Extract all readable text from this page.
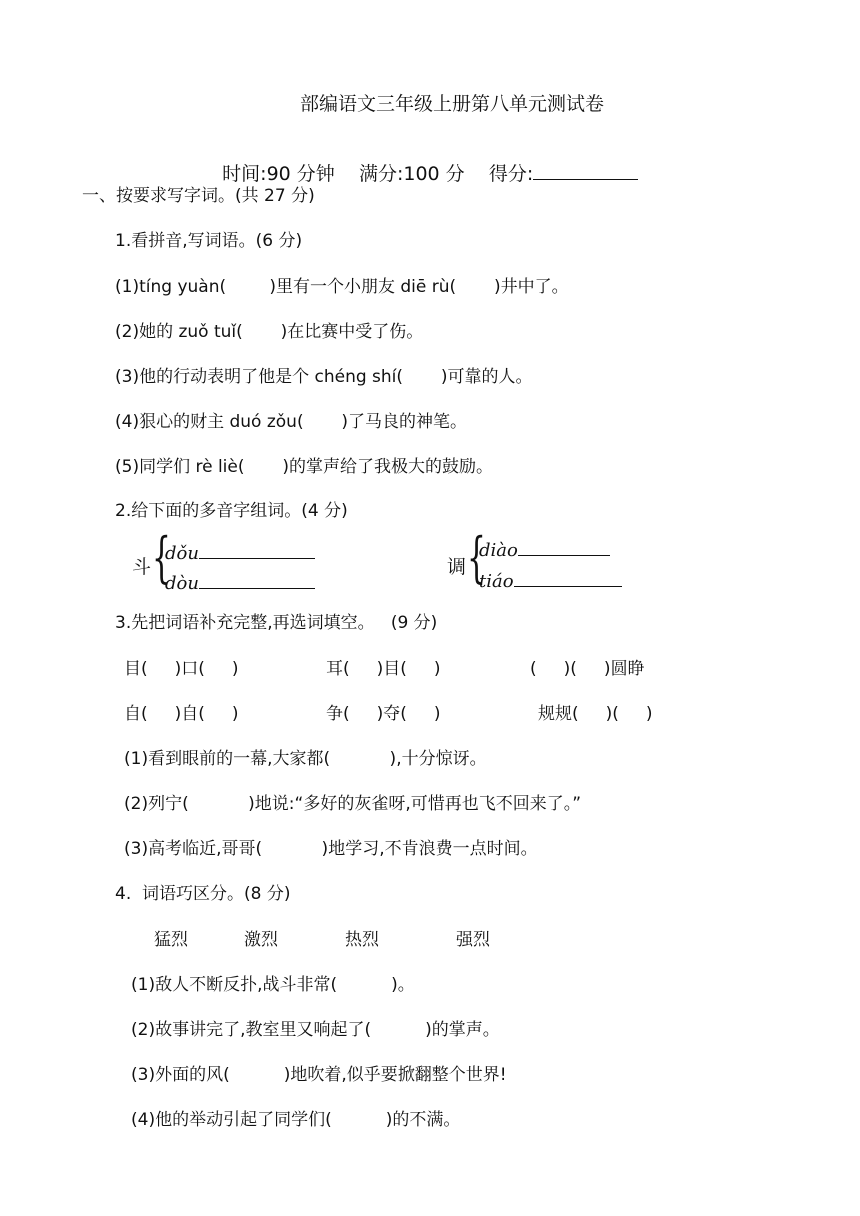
部编语文三年级上册第八单元测试卷

时间:90 分钟 满分:100 分 得分:

一、按要求写字词。(共 27 分)
1.看拼音,写词语。(6 分)
(1)tíng yuàn(        )里有一个小朋友 diē rù(       )井中了。
(2)她的 zuǒ tuǐ(       )在比赛中受了伤。
(3)他的行动表明了他是个 chéng shí(       )可靠的人。
(4)狠心的财主 duó zǒu(       )了马良的神笔。
(5)同学们 rè liè(       )的掌声给了我极大的鼓励。
2.给下面的多音字组词。(4 分)
斗 {
dǒu
dòu
调 {
diào
tiáo
3.先把词语补充完整,再选词填空。   (9 分)
目(     )口(     )	耳(     )目(     )	(     )(     )圆睁
自(     )自(     )	争(     )夺(     )	规规(     )(     )
(1)看到眼前的一幕,大家都(           ),十分惊讶。
(2)列宁(           )地说:“多好的灰雀呀,可惜再也飞不回来了。”
(3)高考临近,哥哥(           )地学习,不肯浪费一点时间。
4.  词语巧区分。(8 分)
猛烈	激烈	热烈	强烈
(1)敌人不断反扑,战斗非常(          )。
(2)故事讲完了,教室里又响起了(          )的掌声。
(3)外面的风(          )地吹着,似乎要掀翻整个世界!
(4)他的举动引起了同学们(          )的不满。
